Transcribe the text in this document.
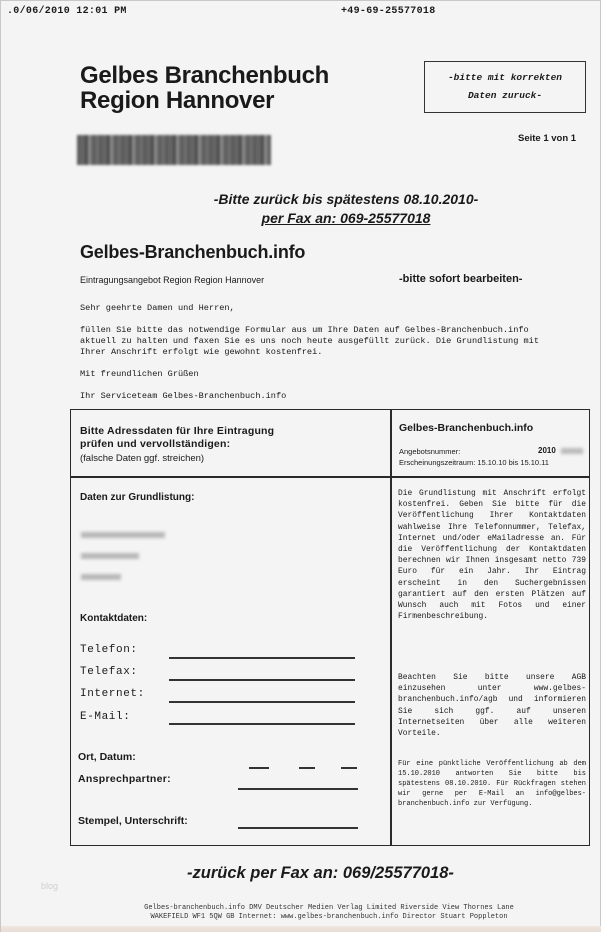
.0/06/2010 12:01 PM	+49-69-25577018
Gelbes Branchenbuch
Region Hannover
-bitte mit korrekten
Daten zuruck-
Seite 1 von 1
-Bitte zurück bis spätestens 08.10.2010-
per Fax an: 069-25577018
Gelbes-Branchenbuch.info
Eintragungsangebot Region Region Hannover	-bitte sofort bearbeiten-
Sehr geehrte Damen und Herren,
füllen Sie bitte das notwendige Formular aus um Ihre Daten auf Gelbes-Branchenbuch.info aktuell zu halten und faxen Sie es uns noch heute ausgefüllt zurück. Die Grundlistung mit Ihrer Anschrift erfolgt wie gewohnt kostenfrei.
Mit freundlichen Grüßen
Ihr Serviceteam Gelbes-Branchenbuch.info
Bitte Adressdaten für Ihre Eintragung
prüfen und vervollständigen:
(falsche Daten ggf. streichen)
Daten zur Grundlistung:
Kontaktdaten:
Telefon:
Telefax:
Internet:
E-Mail:
Ort, Datum:
Ansprechpartner:
Stempel, Unterschrift:
Gelbes-Branchenbuch.info
Angebotsnummer:	2010
Erscheinungszeitraum: 15.10.10 bis 15.10.11
Die Grundlistung mit Anschrift erfolgt kostenfrei. Geben Sie bitte für die Veröffentlichung Ihrer Kontaktdaten wahlweise Ihre Telefonnummer, Telefax, Internet und/oder eMailadresse an. Für die Veröffentlichung der Kontaktdaten berechnen wir Ihnen insgesamt netto 739 Euro für ein Jahr. Ihr Eintrag erscheint in den Suchergebnissen garantiert auf den ersten Plätzen auf Wunsch auch mit Fotos und einer Firmenbeschreibung.
Beachten Sie bitte unsere AGB einzusehen unter www.gelbes-branchenbuch.info/agb und informieren Sie sich ggf. auf unseren Internetseiten über alle weiteren Vorteile.
Für eine pünktliche Veröffentlichung ab dem 15.10.2010 antworten Sie bitte bis spätestens 08.10.2010. Für Rückfragen stehen wir gerne per E-Mail an info@gelbes-branchenbuch.info zur Verfügung.
-zurück per Fax an: 069/25577018-
blog
Gelbes-branchenbuch.info DMV Deutscher Medien Verlag Limited Riverside View Thornes Lane
WAKEFIELD WF1 5QW GB Internet: www.gelbes-branchenbuch.info Director Stuart Poppleton
